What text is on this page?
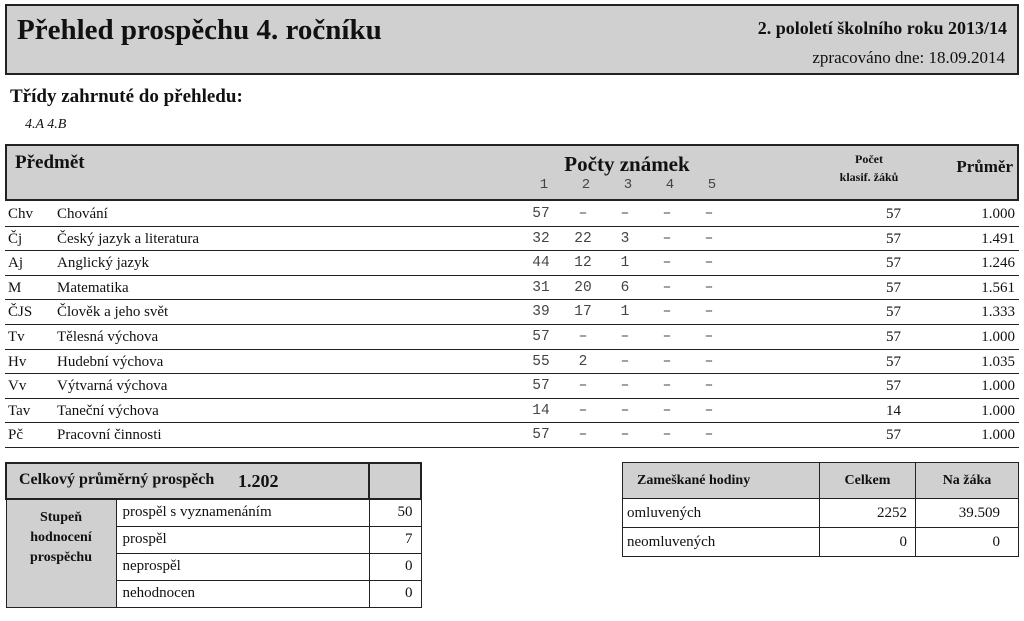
Přehled prospěchu 4. ročníku	2. pololetí školního roku 2013/14
zpracováno dne: 18.09.2014
Třídy zahrnuté do přehledu:
4.A 4.B
Předmět	Počty známek
1	2	3	4	5
Počet
klasif. žáků
Průměr
Chv Chování	57	–	–	–	–	57	1.000
Čj Český jazyk a literatura	32	22	3	–	–	57	1.491
Aj Anglický jazyk	44	12	1	–	–	57	1.246
M Matematika	31	20	6	–	–	57	1.561
ČJS Člověk a jeho svět	39	17	1	–	–	57	1.333
Tv Tělesná výchova	57	–	–	–	–	57	1.000
Hv Hudební výchova	55	2	–	–	–	57	1.035
Vv Výtvarná výchova	57	–	–	–	–	57	1.000
Tav Taneční výchova	14	–	–	–	–	14	1.000
Pč Pracovní činnosti	57	–	–	–	–	57	1.000
Celkový průměrný prospěch 1.202		

Stupeň
hodnocení
prospěchu	prospěl s vyznamenáním	50
	prospěl	7
	neprospěl	0
	nehodnocen	0
Zameškané hodiny	Celkem	Na žáka
omluvených	2252	39.509
neomluvených	0	0
